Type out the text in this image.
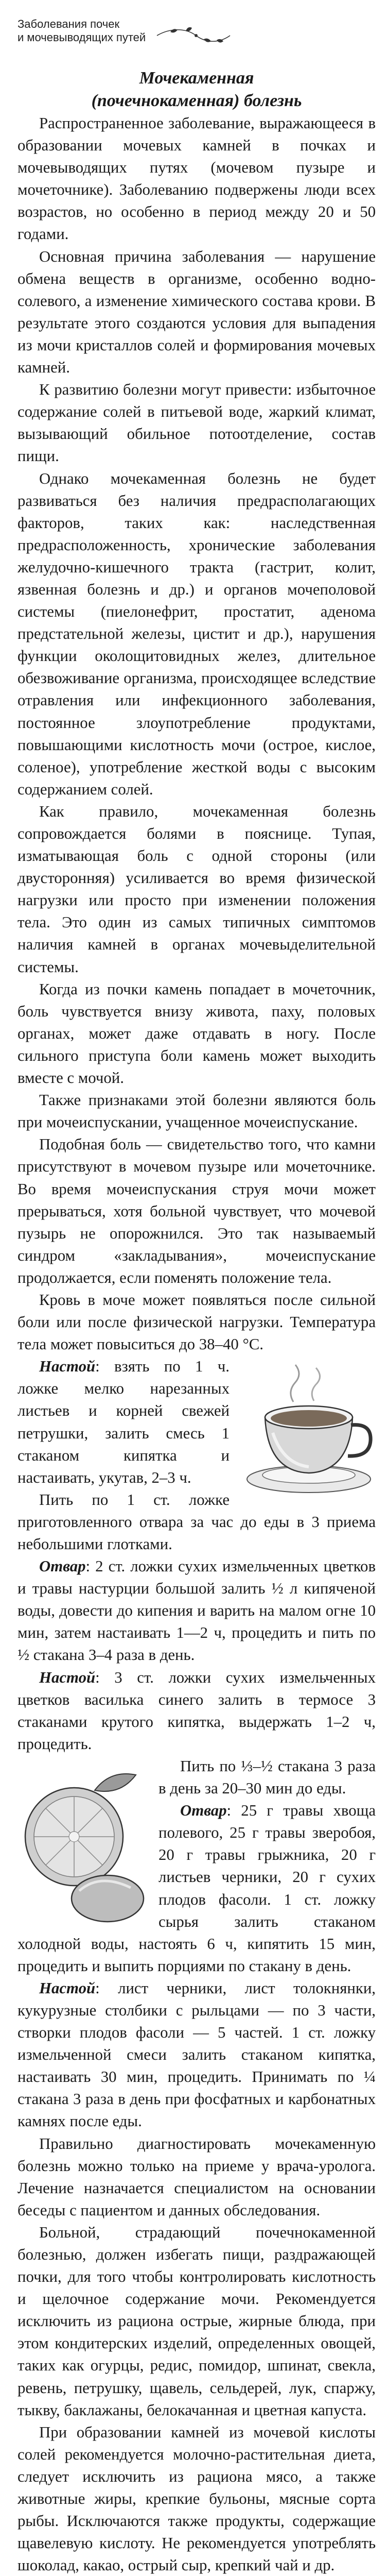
Заболевания почек
и мочевыводящих путей
Мочекаменная
(почечнокаменная) болезнь

Распространенное заболевание, выражающееся в образовании мочевых камней в почках и мочевыводящих путях (мочевом пузыре и мочеточнике). Заболеванию подвержены люди всех возрастов, но особенно в период между 20 и 50 годами.

Основная причина заболевания — нарушение обмена веществ в организме, особенно водно-солевого, а изменение химического состава крови. В результате этого создаются условия для выпадения из мочи кристаллов солей и формирования мочевых камней.

К развитию болезни могут привести: избыточное содержание солей в питьевой воде, жаркий климат, вызывающий обильное потоотделение, состав пищи.

Однако мочекаменная болезнь не будет развиваться без наличия предрасполагающих факторов, таких как: наследственная предрасположенность, хронические заболевания желудочно-кишечного тракта (гастрит, колит, язвенная болезнь и др.) и органов мочеполовой системы (пиелонефрит, простатит, аденома предстательной железы, цистит и др.), нарушения функции околощитовидных желез, длительное обезвоживание организма, происходящее вследствие отравления или инфекционного заболевания, постоянное злоупотребление продуктами, повышающими кислотность мочи (острое, кислое, соленое), употребление жесткой воды с высоким содержанием солей.

Как правило, мочекаменная болезнь сопровождается болями в пояснице. Тупая, изматывающая боль с одной стороны (или двусторонняя) усиливается во время физической нагрузки или просто при изменении положения тела. Это один из самых типичных симптомов наличия камней в органах мочевыделительной системы.

Когда из почки камень попадает в мочеточник, боль чувствуется внизу живота, паху, половых органах, может даже отдавать в ногу. После сильного приступа боли камень может выходить вместе с мочой.

Также признаками этой болезни являются боль при мочеиспускании, учащенное мочеиспускание.

Подобная боль — свидетельство того, что камни присутствуют в мочевом пузыре или мочеточнике. Во время мочеиспускания струя мочи может прерываться, хотя больной чувствует, что мочевой пузырь не опорожнился. Это так называемый синдром «закладывания», мочеиспускание продолжается, если поменять положение тела.

Кровь в моче может появляться после сильной боли или после физической нагрузки. Температура тела может повыситься до 38–40 °С.

Настой: взять по 1 ч. ложке мелко нарезанных листьев и корней свежей петрушки, залить смесь 1 стаканом кипятка и настаивать, укутав, 2–3 ч.

Пить по 1 ст. ложке приготовленного отвара за час до еды в 3 приема небольшими глотками.

Отвар: 2 ст. ложки сухих измельченных цветков и травы настурции большой залить ½ л кипяченой воды, довести до кипения и варить на малом огне 10 мин, затем настаивать 1—2 ч, процедить и пить по ½ стакана 3–4 раза в день.

Настой: 3 ст. ложки сухих измельченных цветков василька синего залить в термосе 3 стаканами крутого кипятка, выдержать 1–2 ч, процедить.

Пить по ⅓–½ стакана 3 раза в день за 20–30 мин до еды.

Отвар: 25 г травы хвоща полевого, 25 г травы зверобоя, 20 г травы грыжника, 20 г листьев черники, 20 г сухих плодов фасоли. 1 ст. ложку сырья залить стаканом холодной воды, настоять 6 ч, кипятить 15 мин, процедить и выпить порциями по стакану в день.

Настой: лист черники, лист толокнянки, кукурузные столбики с рыльцами — по 3 части, створки плодов фасоли — 5 частей. 1 ст. ложку измельченной смеси залить стаканом кипятка, настаивать 30 мин, процедить. Принимать по ¼ стакана 3 раза в день при фосфатных и карбонатных камнях после еды.

Правильно диагностировать мочекаменную болезнь можно только на приеме у врача-уролога. Лечение назначается специалистом на основании беседы с пациентом и данных обследования.

Больной, страдающий почечнокаменной болезнью, должен избегать пищи, раздражающей почки, для того чтобы контролировать кислотность и щелочное содержание мочи. Рекомендуется исключить из рациона острые, жирные блюда, при этом кондитерских изделий, определенных овощей, таких как огурцы, редис, помидор, шпинат, свекла, ревень, петрушку, щавель, сельдерей, лук, спаржу, тыкву, баклажаны, белокачанная и цветная капуста.

При образовании камней из мочевой кислоты солей рекомендуется молочно-растительная диета, следует исключить из рациона мясо, а также животные жиры, крепкие бульоны, мясные сорта рыбы. Исключаются также продукты, содержащие щавелевую кислоту. Не рекомендуется употреблять шоколад, какао, острый сыр, крепкий чай и др.
